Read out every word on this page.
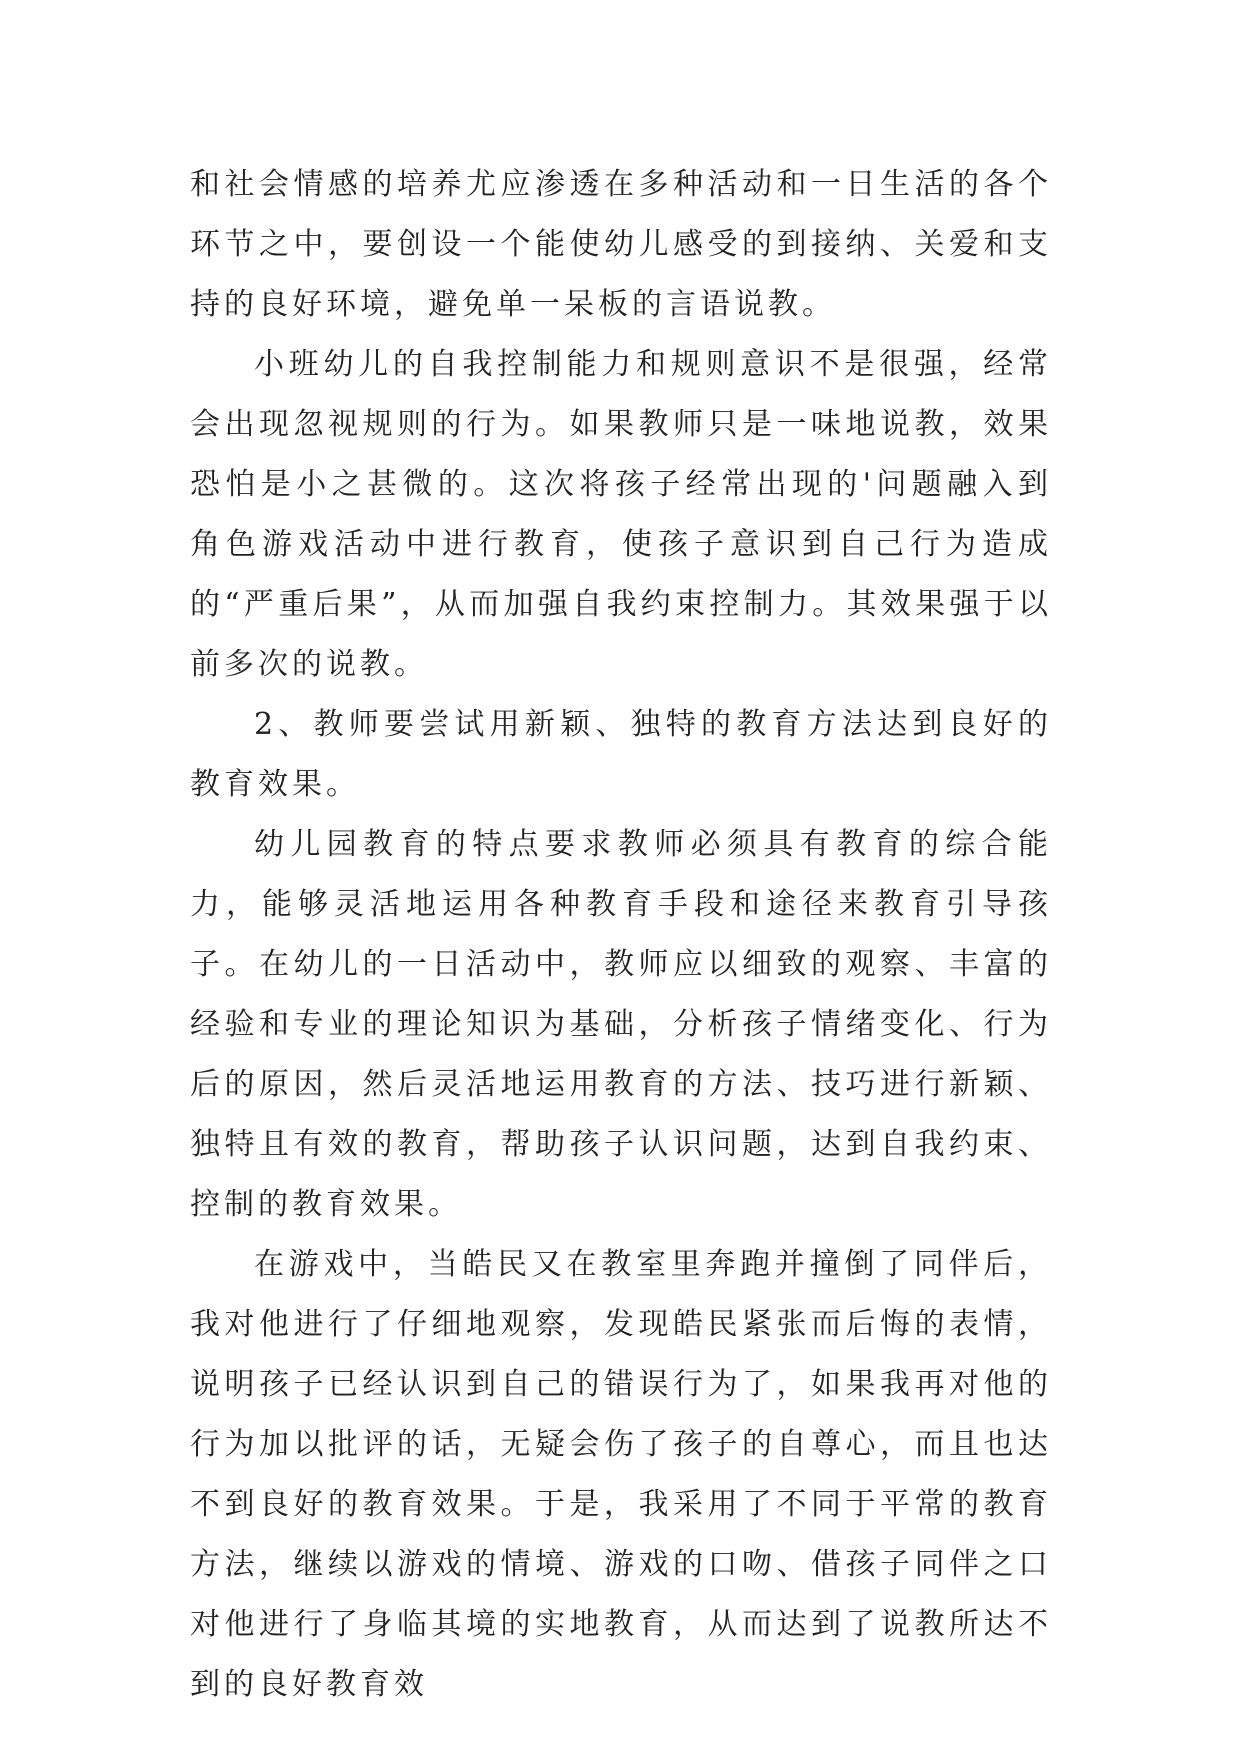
和社会情感的培养尤应渗透在多种活动和一日生活的各个环节之中，要创设一个能使幼儿感受的到接纳、关爱和支持的良好环境，避免单一呆板的言语说教。

小班幼儿的自我控制能力和规则意识不是很强，经常会出现忽视规则的行为。如果教师只是一味地说教，效果恐怕是小之甚微的。这次将孩子经常出现的'问题融入到角色游戏活动中进行教育，使孩子意识到自己行为造成的“严重后果”，从而加强自我约束控制力。其效果强于以前多次的说教。

2、教师要尝试用新颖、独特的教育方法达到良好的教育效果。

幼儿园教育的特点要求教师必须具有教育的综合能力，能够灵活地运用各种教育手段和途径来教育引导孩子。在幼儿的一日活动中，教师应以细致的观察、丰富的经验和专业的理论知识为基础，分析孩子情绪变化、行为后的原因，然后灵活地运用教育的方法、技巧进行新颖、独特且有效的教育，帮助孩子认识问题，达到自我约束、控制的教育效果。

在游戏中，当皓民又在教室里奔跑并撞倒了同伴后，我对他进行了仔细地观察，发现皓民紧张而后悔的表情，说明孩子已经认识到自己的错误行为了，如果我再对他的行为加以批评的话，无疑会伤了孩子的自尊心，而且也达不到良好的教育效果。于是，我采用了不同于平常的教育方法，继续以游戏的情境、游戏的口吻、借孩子同伴之口对他进行了身临其境的实地教育，从而达到了说教所达不到的良好教育效
